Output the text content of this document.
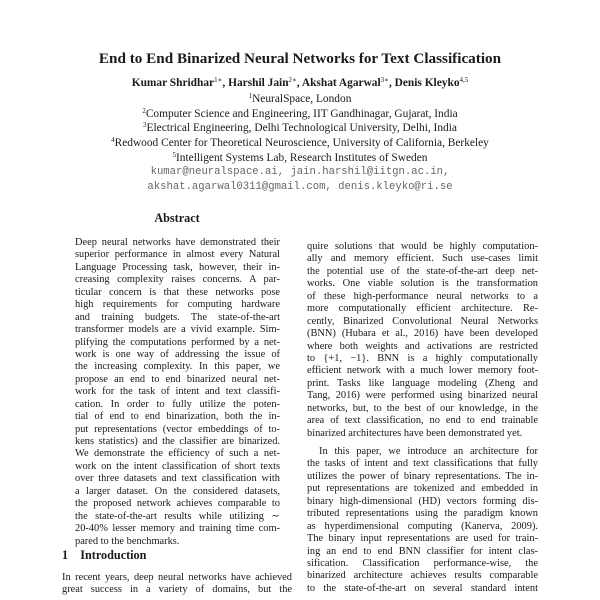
End to End Binarized Neural Networks for Text Classification
Kumar Shridhar$^{1∗}$, Harshil Jain$^{2∗}$, Akshat Agarwal$^{3∗}$, Denis Kleyko$^{4,5}$
$^1$NeuralSpace, London
$^2$Computer Science and Engineering, IIT Gandhinagar, Gujarat, India
$^3$Electrical Engineering, Delhi Technological University, Delhi, India
$^4$Redwood Center for Theoretical Neuroscience, University of California, Berkeley
$^5$Intelligent Systems Lab, Research Institutes of Sweden
kumar@neuralspace.ai, jain.harshil@iitgn.ac.in,
akshat.agarwal0311@gmail.com, denis.kleyko@ri.se
Abstract
Deep neural networks have demonstrated their
superior performance in almost every Natural
Language Processing task, however, their in-
creasing complexity raises concerns. A par-
ticular concern is that these networks pose
high requirements for computing hardware
and training budgets. The state-of-the-art
transformer models are a vivid example. Sim-
plifying the computations performed by a net-
work is one way of addressing the issue of
the increasing complexity. In this paper, we
propose an end to end binarized neural net-
work for the task of intent and text classifi-
cation. In order to fully utilize the poten-
tial of end to end binarization, both the in-
put representations (vector embeddings of to-
kens statistics) and the classifier are binarized.
We demonstrate the efficiency of such a net-
work on the intent classification of short texts
over three datasets and text classification with
a larger dataset. On the considered datasets,
the proposed network achieves comparable to
the state-of-the-art results while utilizing ∼
20-40% lesser memory and training time com-
pared to the benchmarks.
1 Introduction
In recent years, deep neural networks have achieved
great success in a variety of domains, but the
quire solutions that would be highly computation-
ally and memory efficient. Such use-cases limit
the potential use of the state-of-the-art deep net-
works. One viable solution is the transformation
of these high-performance neural networks to a
more computationally efficient architecture. Re-
cently, Binarized Convolutional Neural Networks
(BNN) (Hubara et al., 2016) have been developed
where both weights and activations are restricted
to {+1, −1}. BNN is a highly computationally
efficient network with a much lower memory foot-
print. Tasks like language modeling (Zheng and
Tang, 2016) were performed using binarized neural
networks, but, to the best of our knowledge, in the
area of text classification, no end to end trainable
binarized architectures have been demonstrated yet.
In this paper, we introduce an architecture for
the tasks of intent and text classifications that fully
utilizes the power of binary representations. The in-
put representations are tokenized and embedded in
binary high-dimensional (HD) vectors forming dis-
tributed representations using the paradigm known
as hyperdimensional computing (Kanerva, 2009).
The binary input representations are used for train-
ing an end to end BNN classifier for intent clas-
sification. Classification performance-wise, the
binarized architecture achieves results comparable
to the state-of-the-art on several standard intent
